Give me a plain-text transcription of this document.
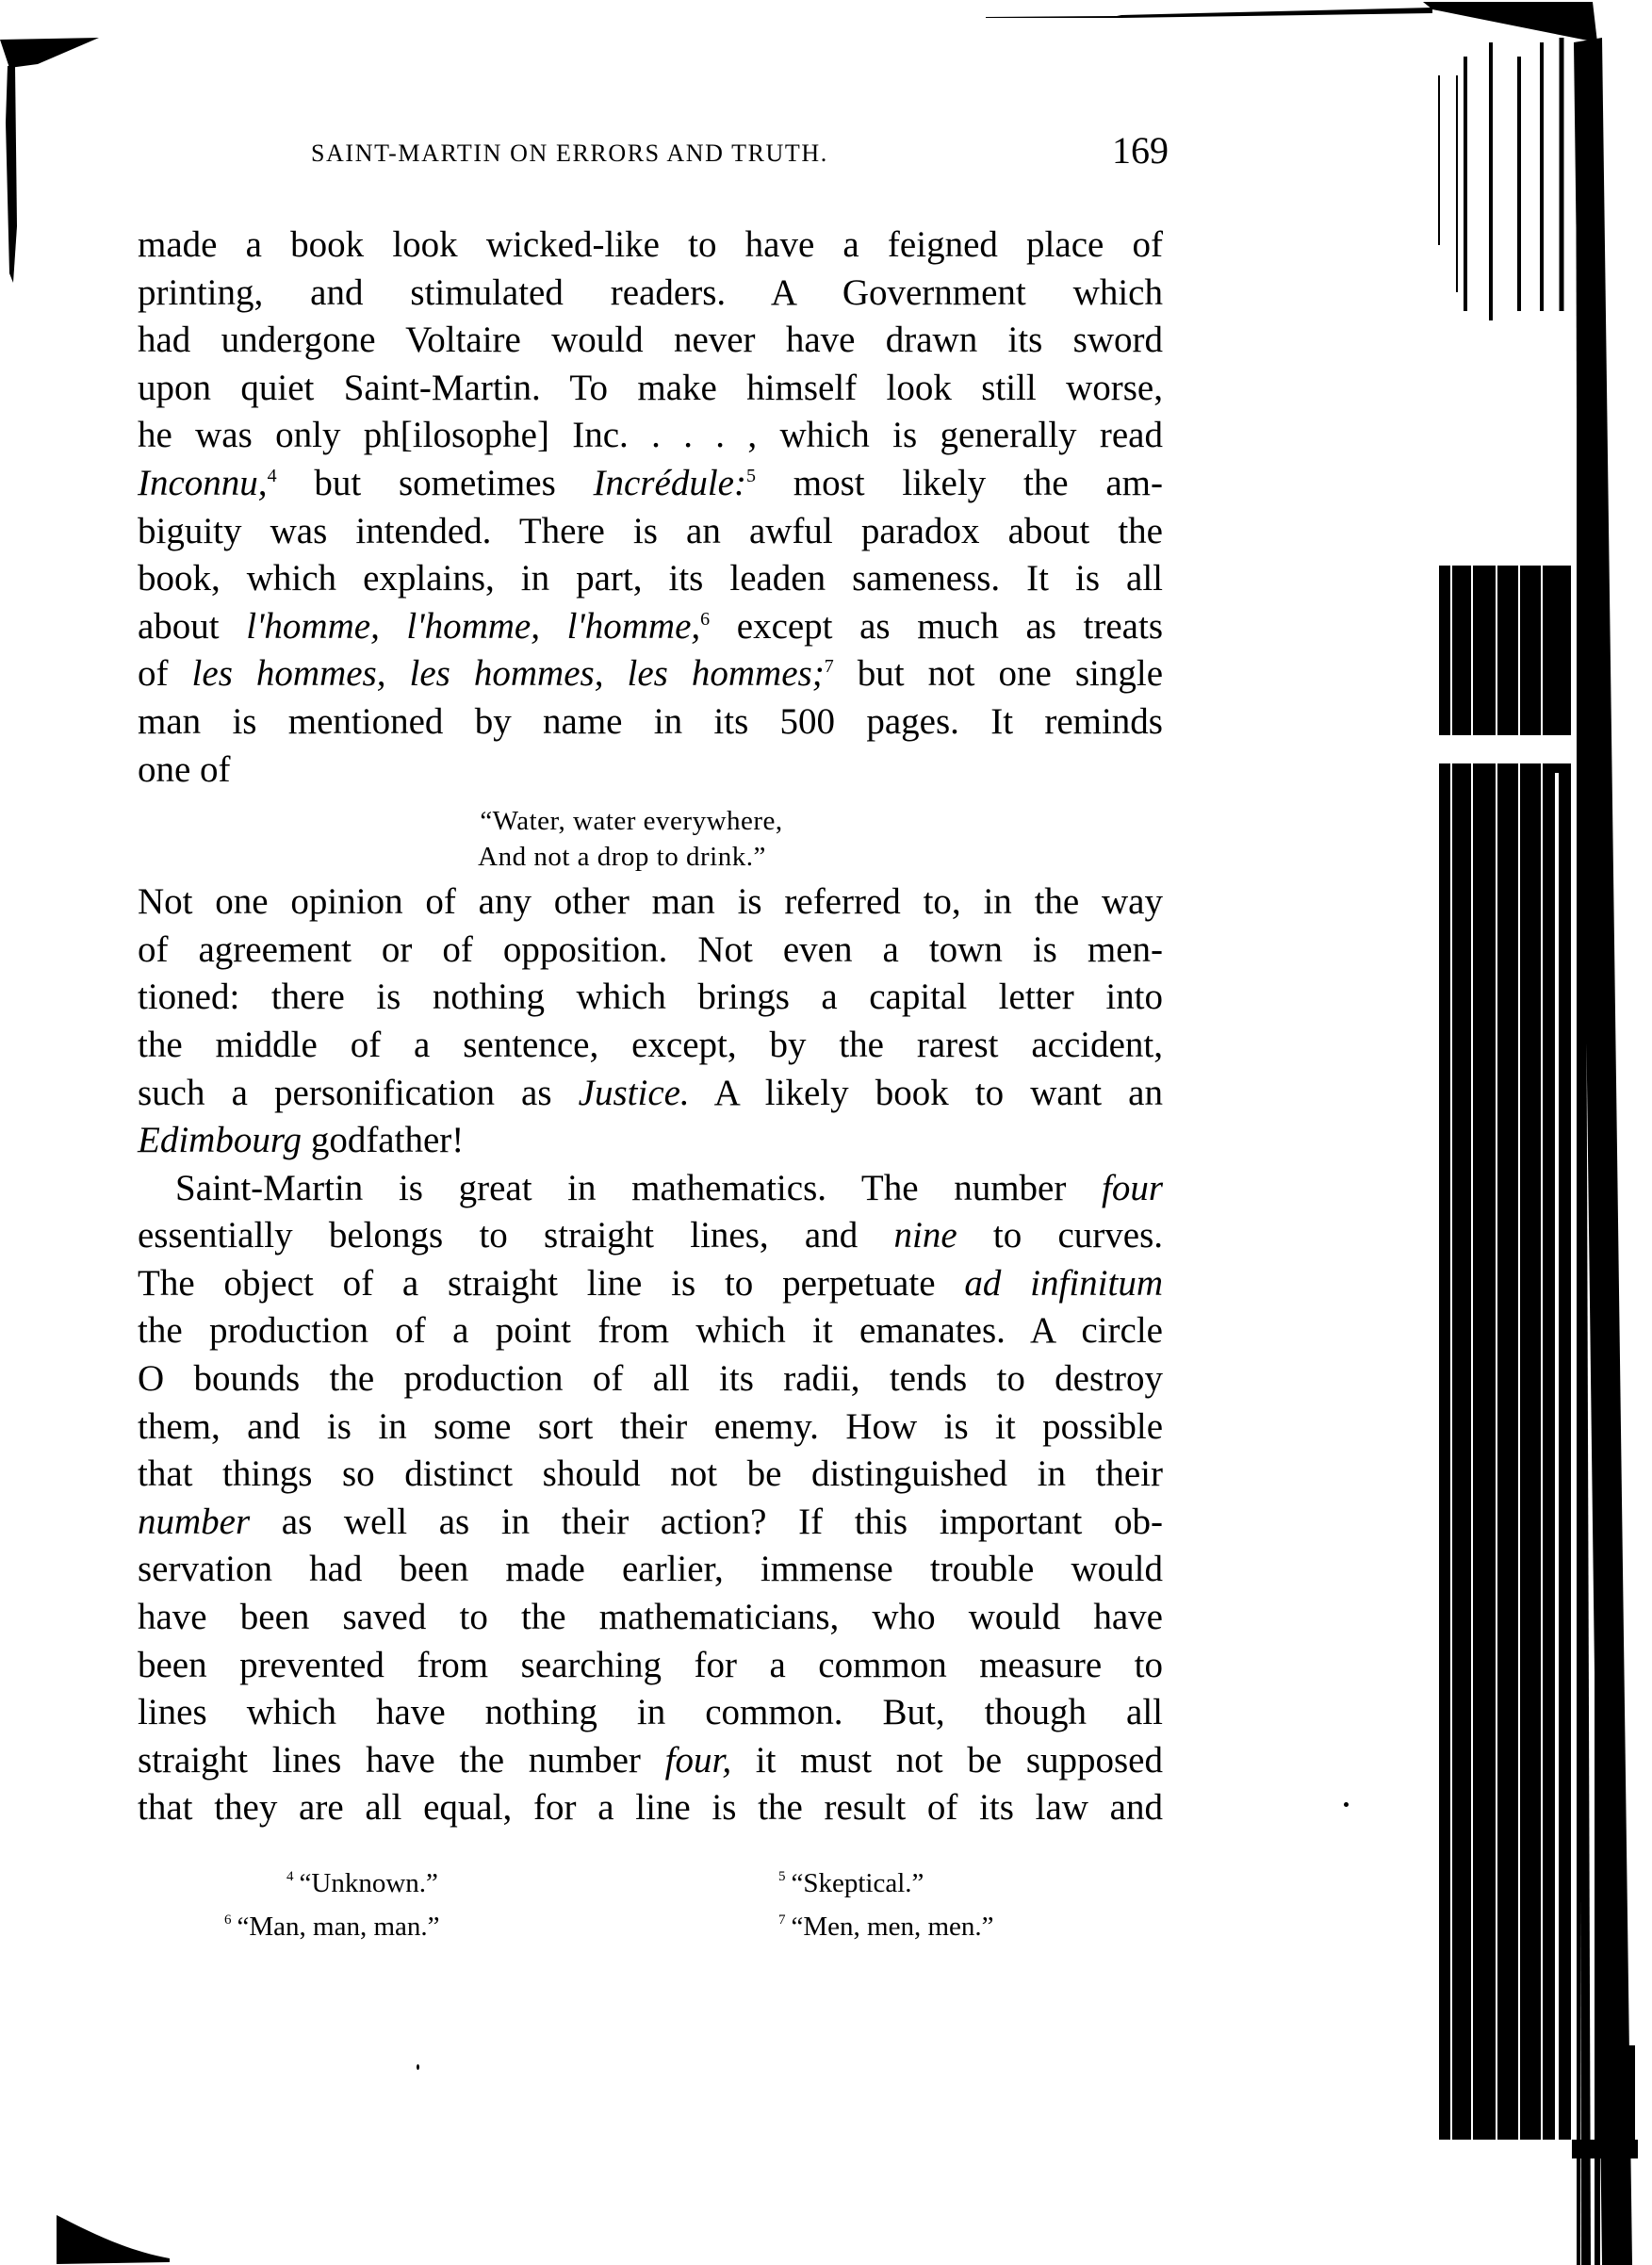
SAINT-MARTIN ON ERRORS AND TRUTH.	169
made a book look wicked-like to have a feigned place of
printing, and stimulated readers. A Government which
had undergone Voltaire would never have drawn its sword
upon quiet Saint-Martin. To make himself look still worse,
he was only ph[ilosophe] Inc. . . . , which is generally read
Inconnu,$^4$ but sometimes Incrédule:$^5$ most likely the am-
biguity was intended. There is an awful paradox about the
book, which explains, in part, its leaden sameness. It is all
about l'homme, l'homme, l'homme,$^6$ except as much as treats
of les hommes, les hommes, les hommes;$^7$ but not one single
man is mentioned by name in its 500 pages. It reminds
one of
Not one opinion of any other man is referred to, in the way
of agreement or of opposition. Not even a town is men-
tioned: there is nothing which brings a capital letter into
the middle of a sentence, except, by the rarest accident,
such a personification as Justice. A likely book to want an
Edimbourg godfather!
Saint-Martin is great in mathematics. The number four
essentially belongs to straight lines, and nine to curves.
The object of a straight line is to perpetuate ad infinitum
the production of a point from which it emanates. A circle
O bounds the production of all its radii, tends to destroy
them, and is in some sort their enemy. How is it possible
that things so distinct should not be distinguished in their
number as well as in their action? If this important ob-
servation had been made earlier, immense trouble would
have been saved to the mathematicians, who would have
been prevented from searching for a common measure to
lines which have nothing in common. But, though all
straight lines have the number four, it must not be supposed
that they are all equal, for a line is the result of its law and
“Water, water everywhere,
And not a drop to drink.”
$^4$ “Unknown.”	$^5$ “Skeptical.”
$^6$ “Man, man, man.”	$^7$ “Men, men, men.”
